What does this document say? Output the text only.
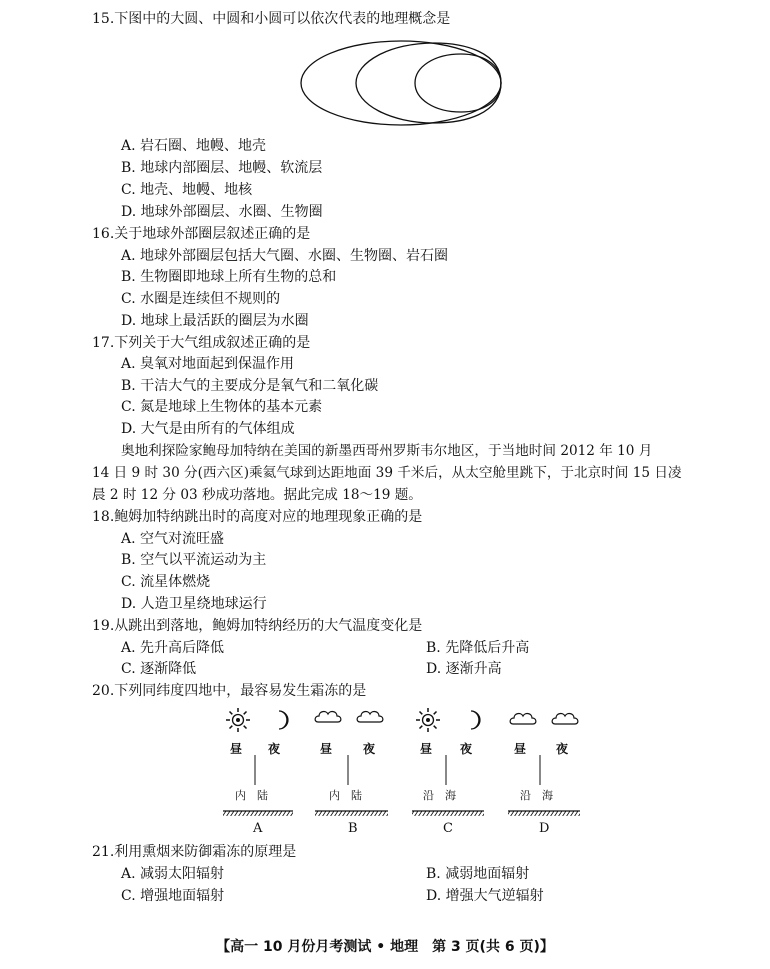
15.下图中的大圆、中圆和小圆可以依次代表的地理概念是
A. 岩石圈、地幔、地壳
B. 地球内部圈层、地幔、软流层
C. 地壳、地幔、地核
D. 地球外部圈层、水圈、生物圈
16.关于地球外部圈层叙述正确的是
A. 地球外部圈层包括大气圈、水圈、生物圈、岩石圈
B. 生物圈即地球上所有生物的总和
C. 水圈是连续但不规则的
D. 地球上最活跃的圈层为水圈
17.下列关于大气组成叙述正确的是
A. 臭氧对地面起到保温作用
B. 干洁大气的主要成分是氧气和二氧化碳
C. 氮是地球上生物体的基本元素
D. 大气是由所有的气体组成
奥地利探险家鲍母加特纳在美国的新墨西哥州罗斯韦尔地区，于当地时间 2012 年 10 月
14 日 9 时 30 分(西六区)乘氦气球到达距地面 39 千米后，从太空舱里跳下，于北京时间 15 日凌
晨 2 时 12 分 03 秒成功落地。据此完成 18～19 题。
18.鲍姆加特纳跳出时的高度对应的地理现象正确的是
A. 空气对流旺盛
B. 空气以平流运动为主
C. 流星体燃烧
D. 人造卫星绕地球运行
19.从跳出到落地，鲍姆加特纳经历的大气温度变化是
A. 先升高后降低	B. 先降低后升高
C. 逐渐降低	D. 逐渐升高
20.下列同纬度四地中，最容易发生霜冻的是
昼 夜
内　陆
A
昼	夜
内　陆
B
昼 夜
沿　海
C
昼 夜
沿　海
D
21.利用熏烟来防御霜冻的原理是
A. 减弱太阳辐射	B. 减弱地面辐射
C. 增强地面辐射	D. 增强大气逆辐射
【高一 10 月份月考测试 • 地理　第 3 页(共 6 页)】
